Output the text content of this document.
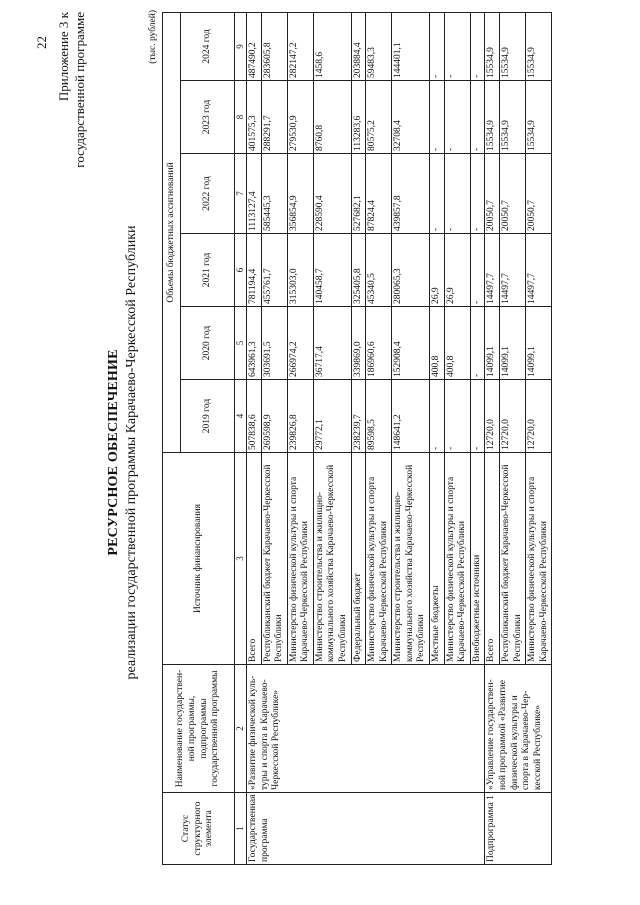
22 Приложение 3 к государственной программе
РЕСУРСНОЕ ОБЕСПЕЧЕНИЕ реализации государственной программы Карачаево-Черкесской Республики
(тыс. рублей)
Статус структурного элемента	Наименование государствен-ной программы, подпрограммы государственной программы	Источник финансирования	Объемы бюджетных ассигнований					
			2019 год	2020 год	2021 год	2022 год	2023 год	2024 год
1	2	3	4	5	6	7	8	9
Государственная программа	«Развитие физической куль-туры и спорта в Карачаево-Черкесской Республике»	Всего	507838,6	643961,3	781194,4	1113127,4	401575,3	487490,2
		Республиканский бюджет Карачаево-Черкесской Республики	269598,9	303691,5	455761,7	585445,3	288291,7	283605,8
		Министерство физической культуры и спорта Карачаево-Черкесской Республики	239826,8	266974,2	315303,0	356854,9	279530,9	282147,2
		Министерство строительства и жилищно-коммунального хозяйства Карачаево-Черкесской Республики	29772,1	36717,4	140458,7	228590,4	8760,8	1458,6
		Федеральный бюджет	238239,7	339869,0	325405,8	527682,1	113283,6	203884,4
		Министерство физической культуры и спорта Карачаево-Черкесской Республики	89598,5	186960,6	45340,5	87824,4	80575,2	59483,3
		Министерство строительства и жилищно-коммунального хозяйства Карачаево-Черкесской Республики	148641,2	152908,4	280065,3	439857,8	32708,4	144401,1
		Местные бюджеты	-	400,8	26,9	-	-	-
		Министерство физической культуры и спорта Карачаево-Черкесской Республики	-	400,8	26,9	-	-	-
		Внебюджетные источники	-	-	-	-	-	-
Подпрограмма 1	«Управление государствен-ной программой «Развитие физической культуры и спорта в Карачаево-Чер-кесской Республике»	Всего	12720,0	14099,1	14497,7	20050,7	15534,9	15534,9
		Республиканский бюджет Карачаево-Черкесской Республики	12720,0	14099,1	14497,7	20050,7	15534,9	15534,9
		Министерство физической культуры и спорта Карачаево-Черкесской Республики	12720,0	14099,1	14497,7	20050,7	15534,9	15534,9
